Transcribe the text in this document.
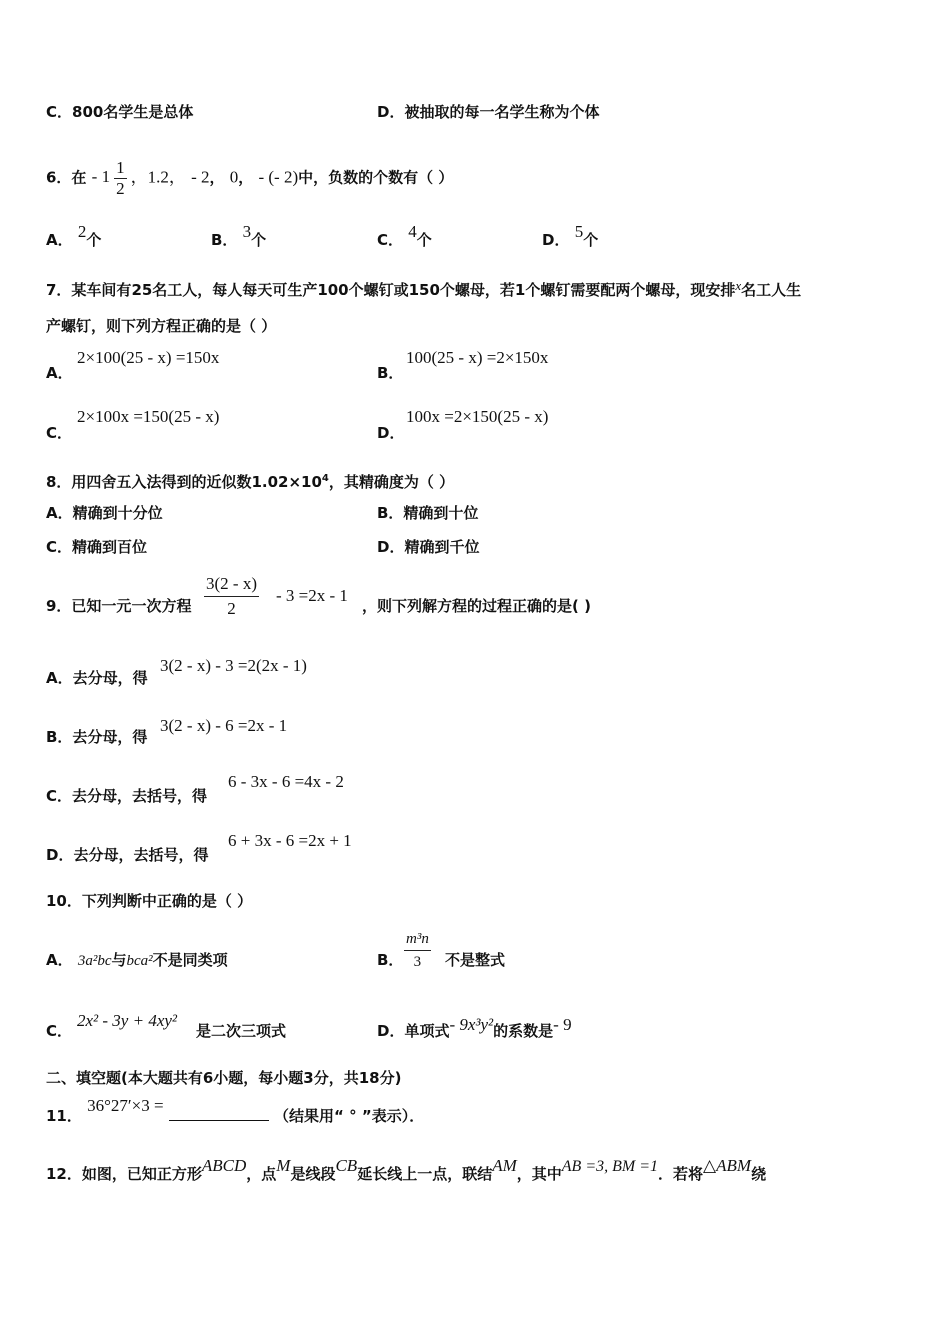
C．800名学生是总体	D．被抽取的每一名学生称为个体
6．在 - $1 \frac{1}{2}$ ，1.2， - 2， 0， - (- 2)中，负数的个数有（ ）
A． 2个	B． 3个	C． 4个	D． 5个
7．某车间有25名工人，每人每天可生产100个螺钉或150个螺母，若1个螺钉需要配两个螺母，现安排x名工人生
产螺钉，则下列方程正确的是（ ）
A．
2×100(25 - x) =150x
B．
100(25 - x) =2×150x
C．
2×100x =150(25 - x)
D．
100x =2×150(25 - x)
8．用四舍五入法得到的近似数$1.02\times 10^4$，其精确度为（ ）
A．精确到十分位	B．精确到十位
C．精确到百位	D．精确到千位
9．已知一元一次方程 $\frac{3(2 - x)}{2} - 3 =2x - 1$
，则下列解方程的过程正确的是( )
A．去分母，得
3(2 - x) - 3 =2(2x - 1)
B．去分母，得
3(2 - x) - 6 =2x - 1
C．去分母，去括号，得
6 - 3x - 6 =4x - 2
D．去分母，去括号，得
6 + 3x - 6 =2x + 1
10．下列判断中正确的是（ ）
A． 3a²bc与bca²不是同类项	B． $\frac{\text{m³n}}{3}$ 不是整式
C．
2x² - 3y + 4xy²
是二次三项式	D．单项式- 9x³y²的系数是- 9
二、填空题(本大题共有6小题，每小题3分，共18分)
11． 36°27′×3 =  （结果用“ ° ”表示）．
12．如图，已知正方形ABCD，点M是线段CB延长线上一点，联结AM，其中AB =3, BM =1．若将△ABM绕
